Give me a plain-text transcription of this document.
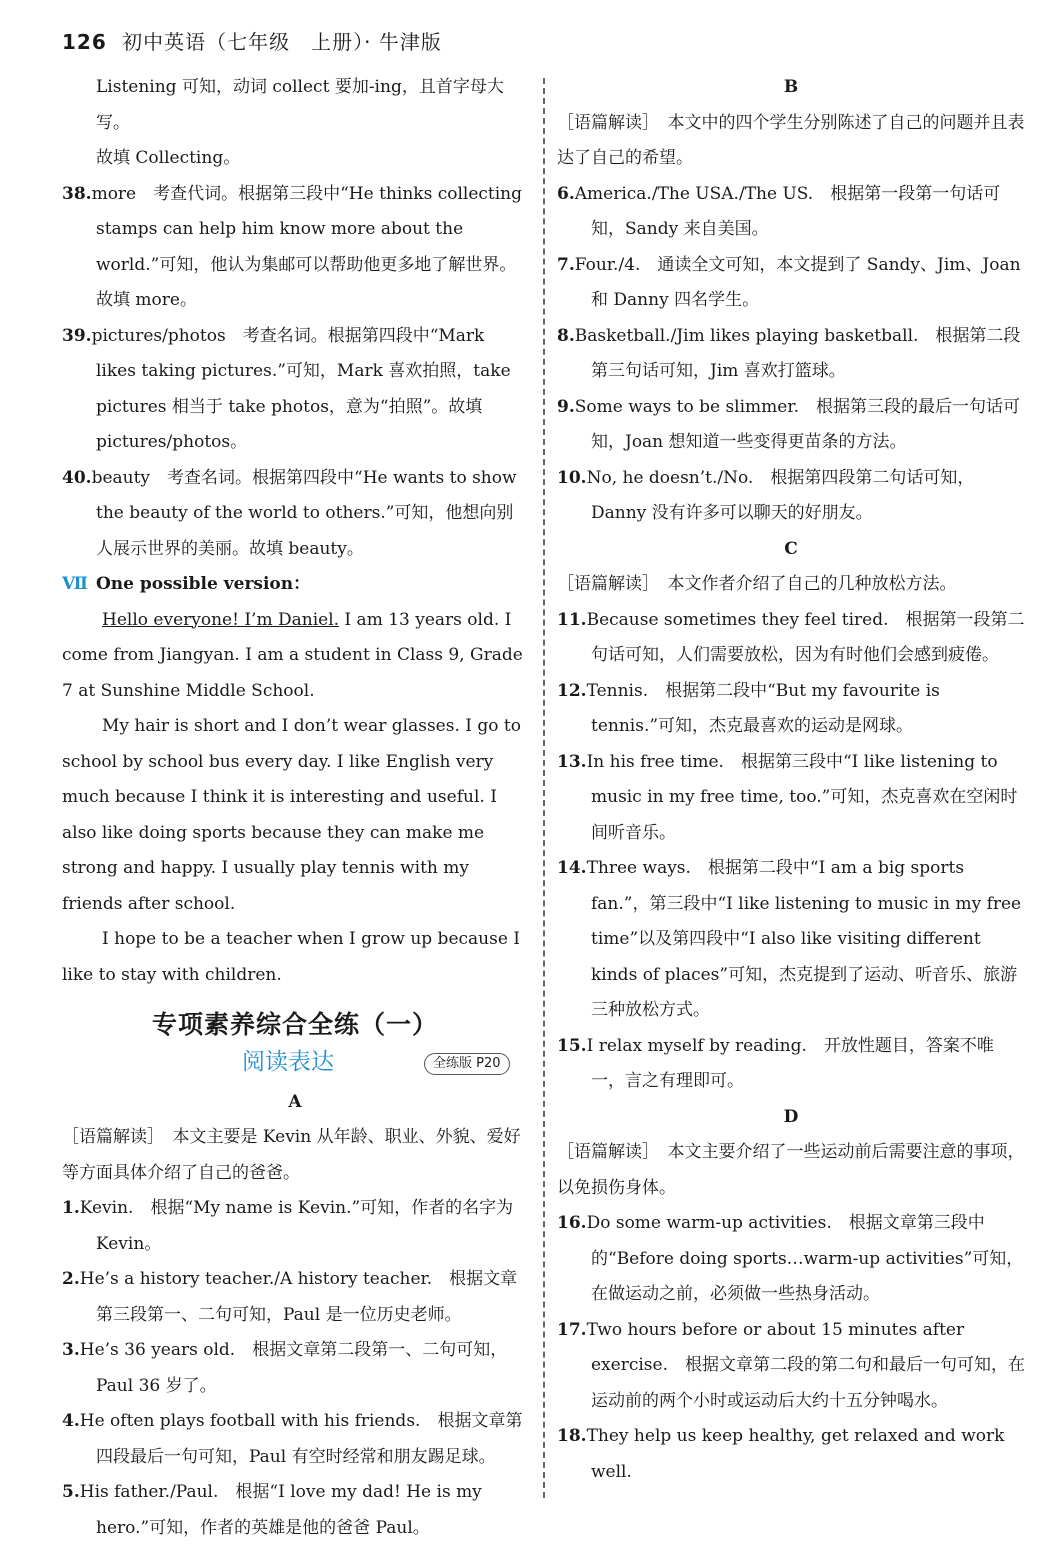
126 初中英语（七年级　上册）· 牛津版

Listening 可知，动词 collect 要加-ing，且首字母大写。

故填 Collecting。

38.more　考查代词。根据第三段中“He thinks collecting stamps can help him know more about the world.”可知，他认为集邮可以帮助他更多地了解世界。故填 more。

39.pictures/photos　考查名词。根据第四段中“Mark likes taking pictures.”可知，Mark 喜欢拍照，take pictures 相当于 take photos，意为“拍照”。故填 pictures/photos。

40.beauty　考查名词。根据第四段中“He wants to show the beauty of the world to others.”可知，他想向别人展示世界的美丽。故填 beauty。

Ⅶ One possible version：

Hello everyone! I’m Daniel. I am 13 years old. I come from Jiangyan. I am a student in Class 9, Grade 7 at Sunshine Middle School.

My hair is short and I don’t wear glasses. I go to school by school bus every day. I like English very much because I think it is interesting and useful. I also like doing sports because they can make me strong and happy. I usually play tennis with my friends after school.

I hope to be a teacher when I grow up because I like to stay with children.

专项素养综合全练（一）
阅读表达	全练版 P20

A

［语篇解读］　本文主要是 Kevin 从年龄、职业、外貌、爱好等方面具体介绍了自己的爸爸。

1.Kevin.　根据“My name is Kevin.”可知，作者的名字为 Kevin。

2.He’s a history teacher./A history teacher.　根据文章第三段第一、二句可知，Paul 是一位历史老师。

3.He’s 36 years old.　根据文章第二段第一、二句可知，Paul 36 岁了。

4.He often plays football with his friends.　根据文章第四段最后一句可知，Paul 有空时经常和朋友踢足球。

5.His father./Paul.　根据“I love my dad! He is my hero.”可知，作者的英雄是他的爸爸 Paul。

B

［语篇解读］　本文中的四个学生分别陈述了自己的问题并且表达了自己的希望。

6.America./The USA./The US.　根据第一段第一句话可知，Sandy 来自美国。

7.Four./4.　通读全文可知，本文提到了 Sandy、Jim、Joan 和 Danny 四名学生。

8.Basketball./Jim likes playing basketball.　根据第二段第三句话可知，Jim 喜欢打篮球。

9.Some ways to be slimmer.　根据第三段的最后一句话可知，Joan 想知道一些变得更苗条的方法。

10.No, he doesn’t./No.　根据第四段第二句话可知，Danny 没有许多可以聊天的好朋友。

C

［语篇解读］　本文作者介绍了自己的几种放松方法。

11.Because sometimes they feel tired.　根据第一段第二句话可知，人们需要放松，因为有时他们会感到疲倦。

12.Tennis.　根据第二段中“But my favourite is tennis.”可知，杰克最喜欢的运动是网球。

13.In his free time.　根据第三段中“I like listening to music in my free time, too.”可知，杰克喜欢在空闲时间听音乐。

14.Three ways.　根据第二段中“I am a big sports fan.”，第三段中“I like listening to music in my free time”以及第四段中“I also like visiting different kinds of places”可知，杰克提到了运动、听音乐、旅游三种放松方式。

15.I relax myself by reading.　开放性题目，答案不唯一，言之有理即可。

D

［语篇解读］　本文主要介绍了一些运动前后需要注意的事项，以免损伤身体。

16.Do some warm-up activities.　根据文章第三段中的“Before doing sports…warm-up activities”可知，在做运动之前，必须做一些热身活动。

17.Two hours before or about 15 minutes after exercise.　根据文章第二段的第二句和最后一句可知，在运动前的两个小时或运动后大约十五分钟喝水。

18.They help us keep healthy, get relaxed and work well.
